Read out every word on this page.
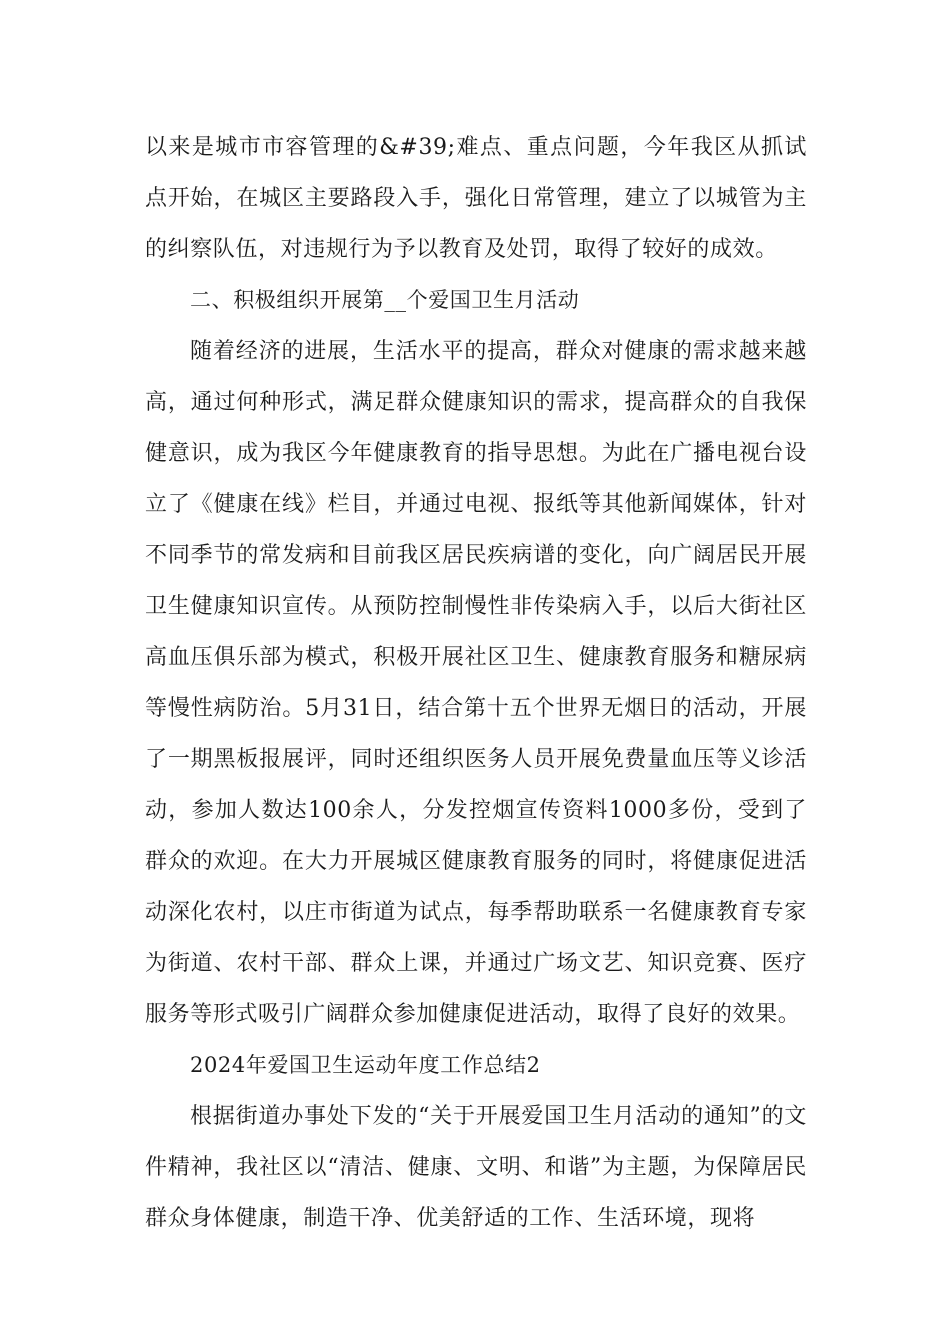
以来是城市市容管理的&#39;难点、重点问题，今年我区从抓试点开始，在城区主要路段入手，强化日常管理，建立了以城管为主的纠察队伍，对违规行为予以教育及处罚，取得了较好的成效。

二、积极组织开展第__个爱国卫生月活动

随着经济的进展，生活水平的提高，群众对健康的需求越来越高，通过何种形式，满足群众健康知识的需求，提高群众的自我保健意识，成为我区今年健康教育的指导思想。为此在广播电视台设立了《健康在线》栏目，并通过电视、报纸等其他新闻媒体，针对不同季节的常发病和目前我区居民疾病谱的变化，向广阔居民开展卫生健康知识宣传。从预防控制慢性非传染病入手，以后大街社区高血压俱乐部为模式，积极开展社区卫生、健康教育服务和糖尿病等慢性病防治。5月31日，结合第十五个世界无烟日的活动，开展了一期黑板报展评，同时还组织医务人员开展免费量血压等义诊活动，参加人数达100余人，分发控烟宣传资料1000多份，受到了群众的欢迎。在大力开展城区健康教育服务的同时，将健康促进活动深化农村，以庄市街道为试点，每季帮助联系一名健康教育专家为街道、农村干部、群众上课，并通过广场文艺、知识竞赛、医疗服务等形式吸引广阔群众参加健康促进活动，取得了良好的效果。

2024年爱国卫生运动年度工作总结2

根据街道办事处下发的“关于开展爱国卫生月活动的通知”的文件精神，我社区以“清洁、健康、文明、和谐”为主题，为保障居民群众身体健康，制造干净、优美舒适的工作、生活环境，现将
